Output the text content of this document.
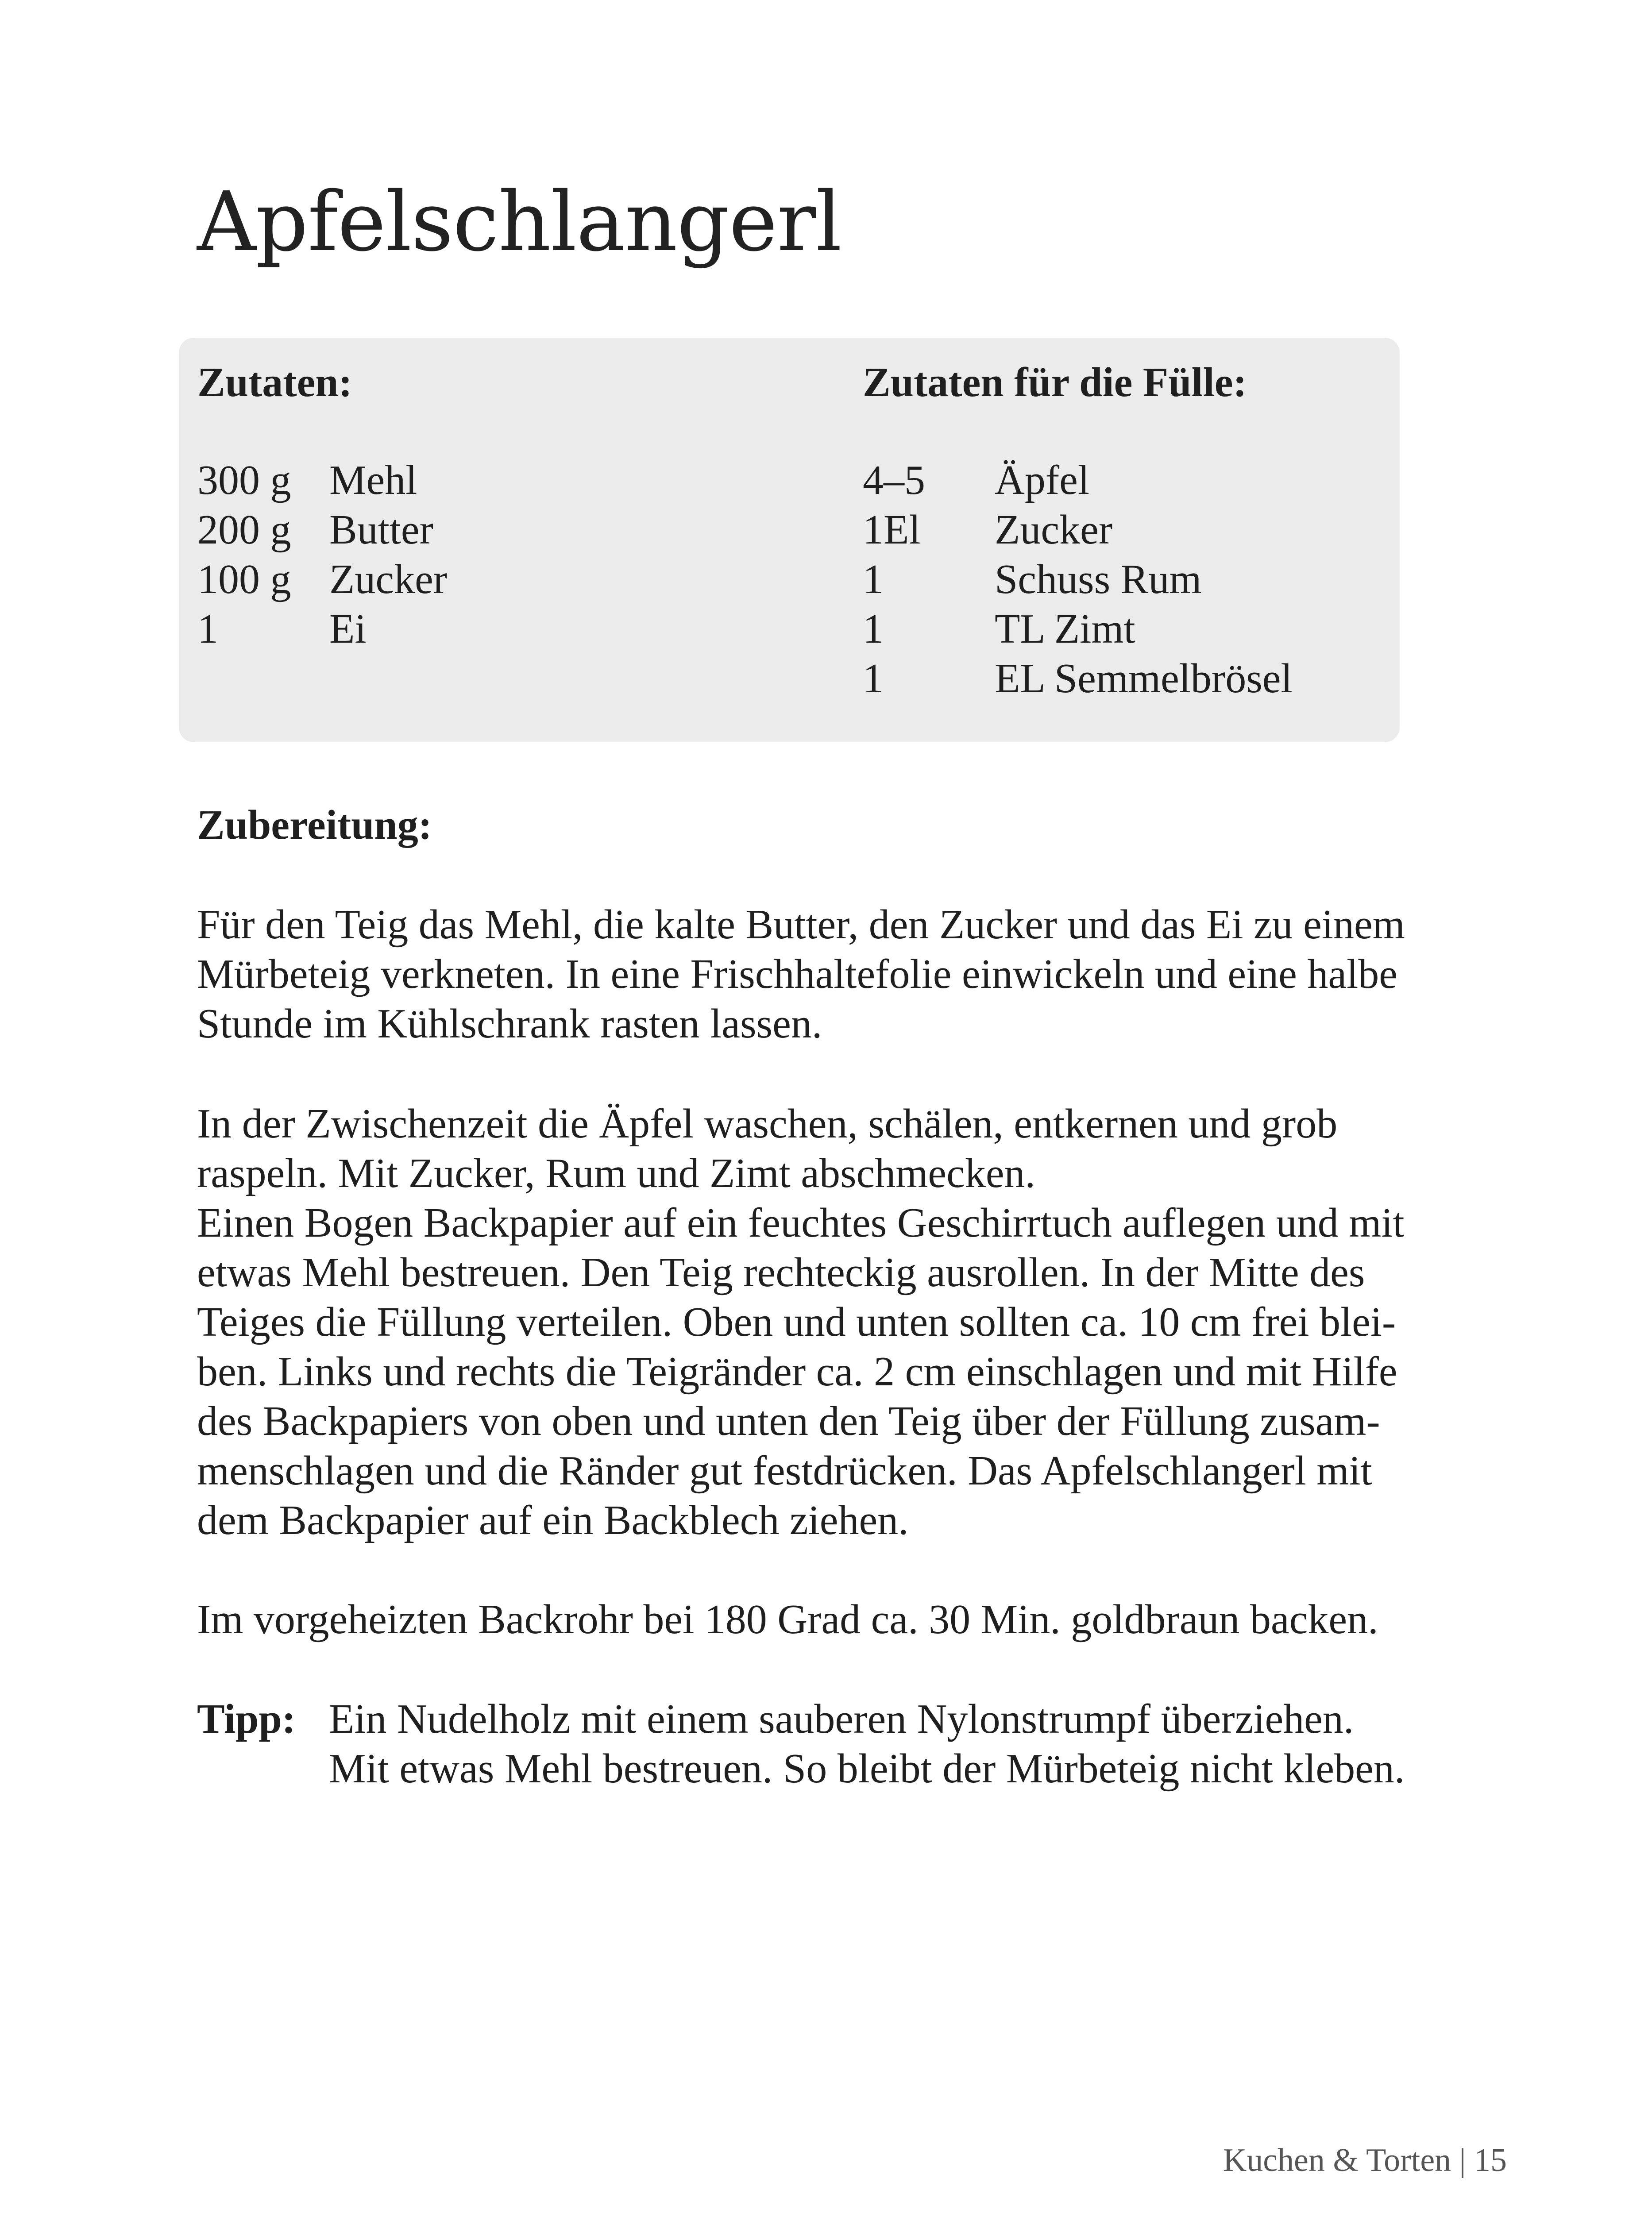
Apfelschlangerl
Zutaten:
300 g Mehl
200 g Butter
100 g Zucker
1	Ei
Zutaten für die Fülle:
4–5	Äpfel
1El	Zucker
1	Schuss Rum
1	TL Zimt
1	EL Semmelbrösel
Zubereitung:
Für den Teig das Mehl, die kalte Butter, den Zucker und das Ei zu einem
Mürbeteig verkneten. In eine Frischhaltefolie einwickeln und eine halbe
Stunde im Kühlschrank rasten lassen.
In der Zwischenzeit die Äpfel waschen, schälen, entkernen und grob
raspeln. Mit Zucker, Rum und Zimt abschmecken.
Einen Bogen Backpapier auf ein feuchtes Geschirrtuch auflegen und mit
etwas Mehl bestreuen. Den Teig rechteckig ausrollen. In der Mitte des
Teiges die Füllung verteilen. Oben und unten sollten ca. 10 cm frei blei-
ben. Links und rechts die Teigränder ca. 2 cm einschlagen und mit Hilfe
des Backpapiers von oben und unten den Teig über der Füllung zusam-
menschlagen und die Ränder gut festdrücken. Das Apfelschlangerl mit
dem Backpapier auf ein Backblech ziehen.
Im vorgeheizten Backrohr bei 180 Grad ca. 30 Min. goldbraun backen.
Tipp: Ein Nudelholz mit einem sauberen Nylonstrumpf überziehen.
Mit etwas Mehl bestreuen. So bleibt der Mürbeteig nicht kleben.
Kuchen & Torten | 15
